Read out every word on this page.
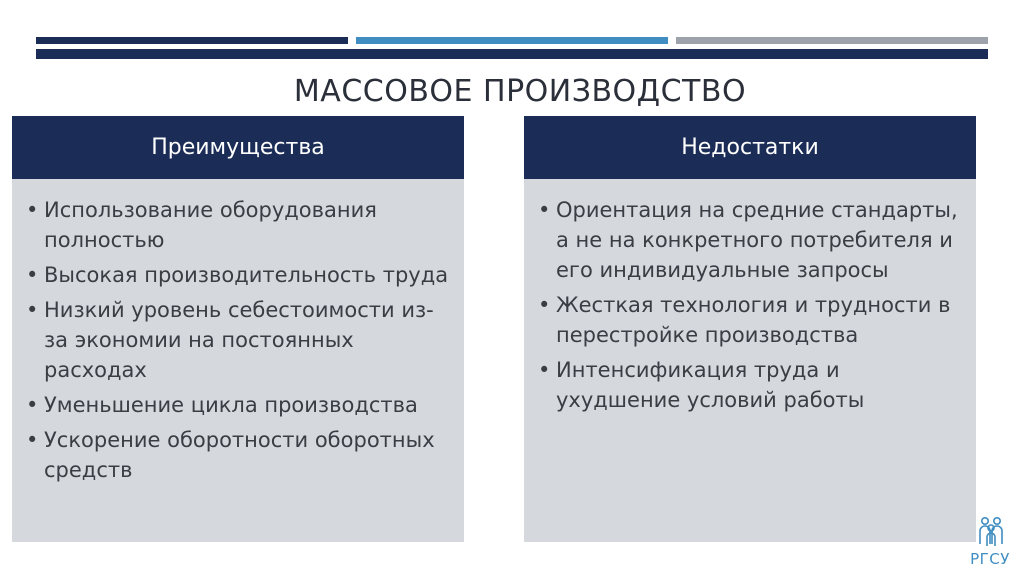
МАССОВОЕ ПРОИЗВОДСТВО
Преимущества
• Использование оборудования полностью
• Высокая производительность труда
• Низкий уровень себестоимости из-за экономии на постоянных расходах
• Уменьшение цикла производства
• Ускорение оборотности оборотных средств
Недостатки
• Ориентация на средние стандарты, а не на конкретного потребителя и его индивидуальные запросы
• Жесткая технология и трудности в перестройке производства
• Интенсификация труда и ухудшение условий работы
РГСУ
